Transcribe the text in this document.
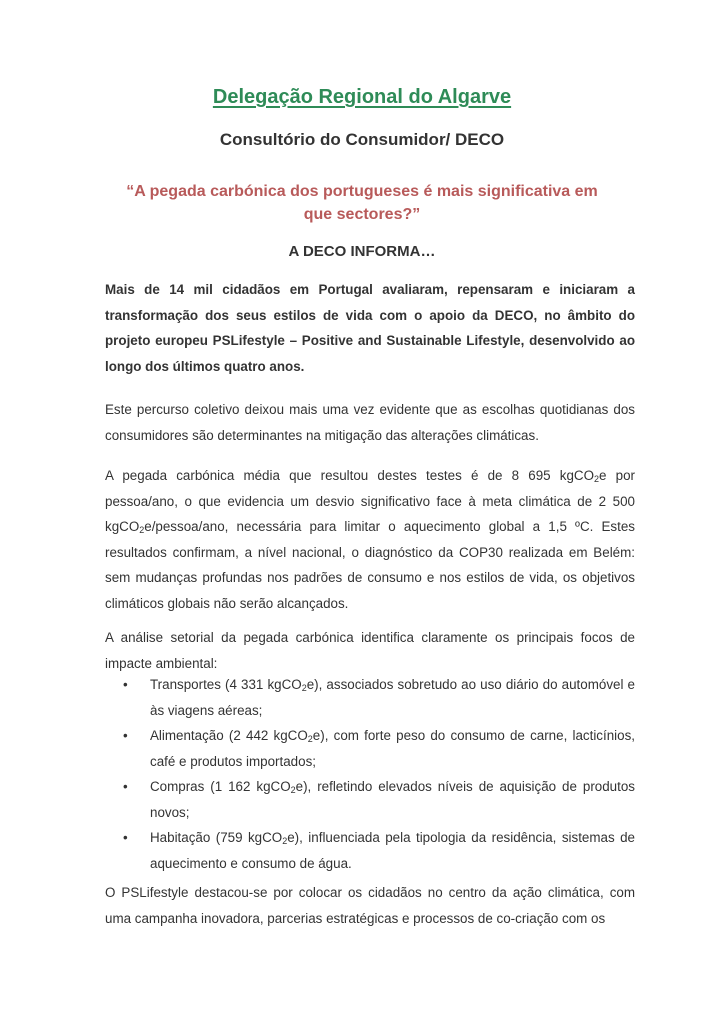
Delegação Regional do Algarve
Consultório do Consumidor/ DECO
“A pegada carbónica dos portugueses é mais significativa em que sectores?”
A DECO INFORMA…

Mais de 14 mil cidadãos em Portugal avaliaram, repensaram e iniciaram a transformação dos seus estilos de vida com o apoio da DECO, no âmbito do projeto europeu PSLifestyle – Positive and Sustainable Lifestyle, desenvolvido ao longo dos últimos quatro anos.

Este percurso coletivo deixou mais uma vez evidente que as escolhas quotidianas dos consumidores são determinantes na mitigação das alterações climáticas.

A pegada carbónica média que resultou destes testes é de 8 695 kgCO$_2$e por pessoa/ano, o que evidencia um desvio significativo face à meta climática de 2 500 kgCO$_2$e/pessoa/ano, necessária para limitar o aquecimento global a 1,5 ºC. Estes resultados confirmam, a nível nacional, o diagnóstico da COP30 realizada em Belém: sem mudanças profundas nos padrões de consumo e nos estilos de vida, os objetivos climáticos globais não serão alcançados.

A análise setorial da pegada carbónica identifica claramente os principais focos de impacte ambiental:

• Transportes (4 331 kgCO$_2$e), associados sobretudo ao uso diário do automóvel e às viagens aéreas;
• Alimentação (2 442 kgCO$_2$e), com forte peso do consumo de carne, lacticínios, café e produtos importados;
• Compras (1 162 kgCO$_2$e), refletindo elevados níveis de aquisição de produtos novos;
• Habitação (759 kgCO$_2$e), influenciada pela tipologia da residência, sistemas de aquecimento e consumo de água.

O PSLifestyle destacou-se por colocar os cidadãos no centro da ação climática, com uma campanha inovadora, parcerias estratégicas e processos de co-criação com os
